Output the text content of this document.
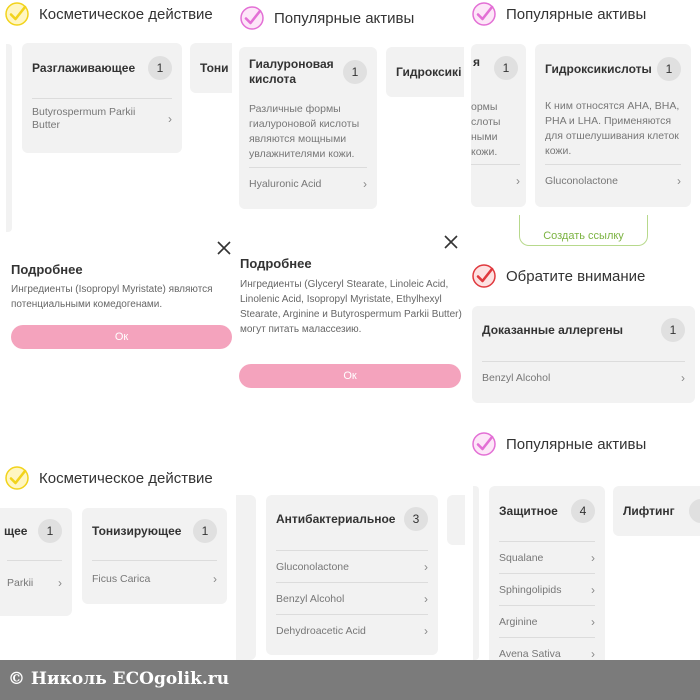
Косметическое действие
Разглаживающее	1
Butyrospermum Parkii Butter	›
Тони
Популярные активы
Гиалуроновая кислота	1
Различные формы гиалуроновой кислоты являются мощными увлажнителями кожи.
Hyaluronic Acid	›
Гидроксикі
Популярные активы
я	1
ормы
слоты
ными
кожи.
›
Гидроксикислоты	1
К ним относятся AHA, BHA, PHA и LHA. Применяются для отшелушивания клеток кожи.
Gluconolactone	›
Подробнее
Ингредиенты (Isopropyl Myristate) являются потенциальными комедогенами.
Ок
Подробнее
Ингредиенты (Glyceryl Stearate, Linoleic Acid, Linolenic Acid, Isopropyl Myristate, Ethylhexyl Stearate, Arginine и Butyrospermum Parkii Butter) могут питать малассезию.
Ок
Создать ссылку
Обратите внимание
Доказанные аллергены	1
Benzyl Alcohol	›
Популярные активы
Защитное	4
Squalane	›
Sphingolipids ›
Arginine	›
Avena Sativa	›
Лифтинг
Косметическое действие
щее	1
Parkii ›
Тонизирующее	1
Ficus Carica	›
Антибактериальное	3
Gluconolactone	›
Benzyl Alcohol	›
Dehydroacetic Acid	›
© Николь ECOgolik.ru
